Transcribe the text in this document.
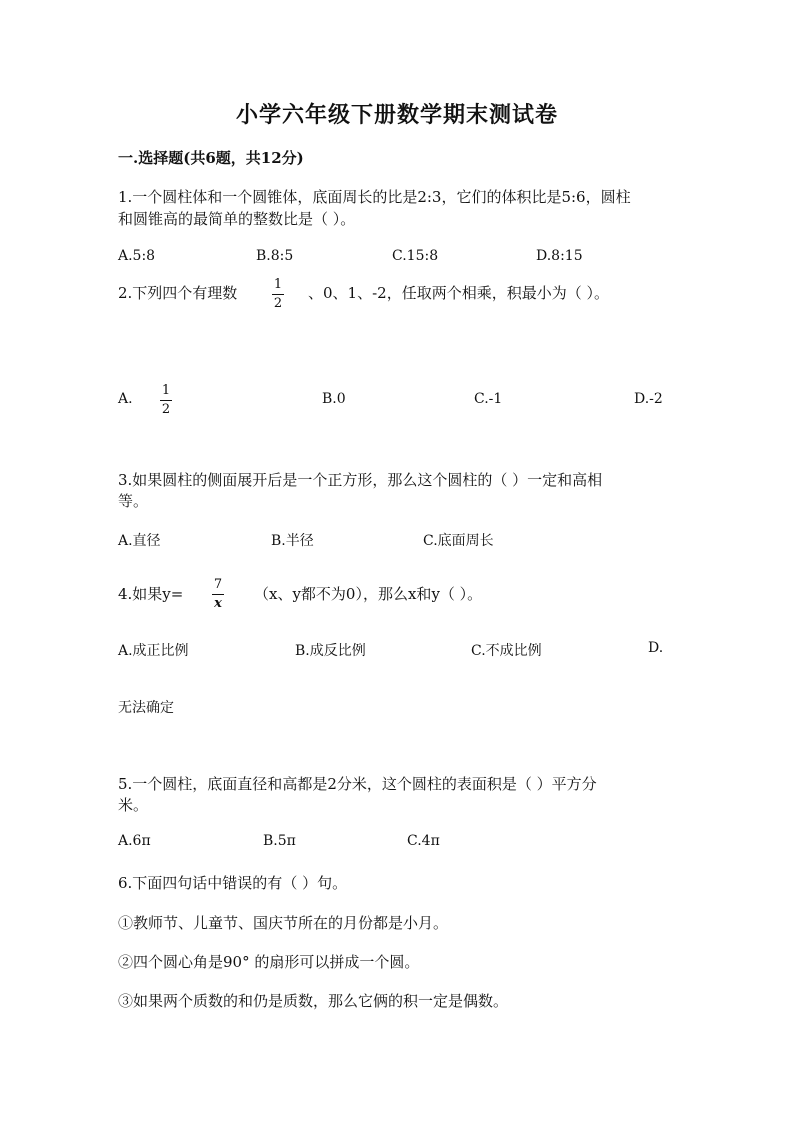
小学六年级下册数学期末测试卷
一.选择题(共6题，共12分)
1.一个圆柱体和一个圆锥体，底面周长的比是2:3，它们的体积比是5:6，圆柱
和圆锥高的最简单的整数比是（ ）。
A.5:8	B.8:5	C.15:8	D.8:15
2.下列四个有理数	1
2
、0、1、-2，任取两个相乘，积最小为（ ）。
A.
1
2
B.0	C.-1	D.-2
3.如果圆柱的侧面展开后是一个正方形，那么这个圆柱的（ ）一定和高相
等。
A.直径	B.半径	C.底面周长
4.如果y=
7
x
（x、y都不为0），那么x和y（ ）。
A.成正比例	B.成反比例	C.不成比例	D.
无法确定
5.一个圆柱，底面直径和高都是2分米，这个圆柱的表面积是（ ）平方分
米。
A.6π	B.5π	C.4π
6.下面四句话中错误的有（ ）句。
①教师节、儿童节、国庆节所在的月份都是小月。
②四个圆心角是90° 的扇形可以拼成一个圆。
③如果两个质数的和仍是质数，那么它俩的积一定是偶数。
